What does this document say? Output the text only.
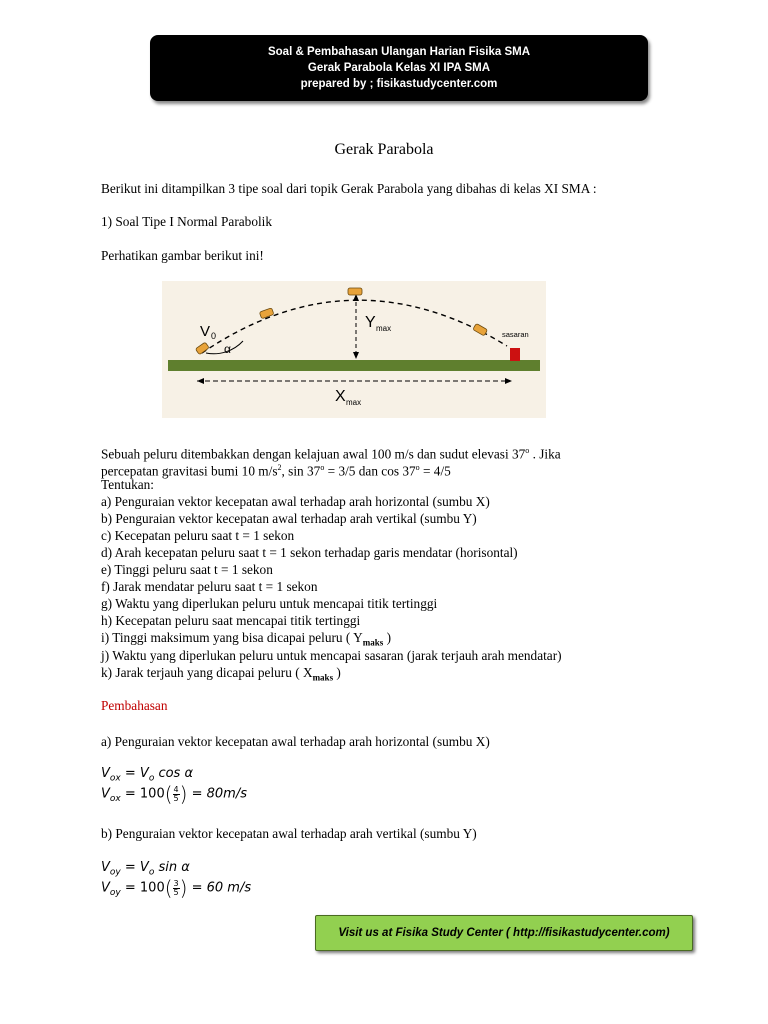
Soal & Pembahasan Ulangan Harian Fisika SMA
Gerak Parabola Kelas XI IPA SMA
prepared by ; fisikastudycenter.com
Gerak Parabola
Berikut ini ditampilkan 3 tipe soal dari topik Gerak Parabola yang dibahas di kelas XI SMA :
1) Soal Tipe I Normal Parabolik
Perhatikan gambar berikut ini!
V 0
α
Y max
X max
sasaran
Sebuah peluru ditembakkan dengan kelajuan awal 100 m/s dan sudut elevasi 37$^o$ . Jika
percepatan gravitasi bumi 10 $m/s^2$, $\sin 37^o = 3/5$ dan $\cos 37^o = 4/5$
Tentukan:
a) Penguraian vektor kecepatan awal terhadap arah horizontal (sumbu X)
b) Penguraian vektor kecepatan awal terhadap arah vertikal (sumbu Y)
c) Kecepatan peluru saat t = 1 sekon
d) Arah kecepatan peluru saat t = 1 sekon terhadap garis mendatar (horisontal)
e) Tinggi peluru saat t = 1 sekon
f) Jarak mendatar peluru saat t = 1 sekon
g) Waktu yang diperlukan peluru untuk mencapai titik tertinggi
h) Kecepatan peluru saat mencapai titik tertinggi
i) Tinggi maksimum yang bisa dicapai peluru ( $Y_{maks}$ )
j) Waktu yang diperlukan peluru untuk mencapai sasaran (jarak terjauh arah mendatar)
k) Jarak terjauh yang dicapai peluru ( $X_{maks}$ )
Pembahasan
a) Penguraian vektor kecepatan awal terhadap arah horizontal (sumbu X)
$V_{ox} = V_o$ cos α
$V_{ox} = 100( \frac{4}{5}$ ) = 80m/s
b) Penguraian vektor kecepatan awal terhadap arah vertikal (sumbu Y)
$V_{oy} = V_o$ sin α
$V_{oy} = 100( \frac{3}{5}$ ) = 60 m/s
Visit us at Fisika Study Center ( http://fisikastudycenter.com)
